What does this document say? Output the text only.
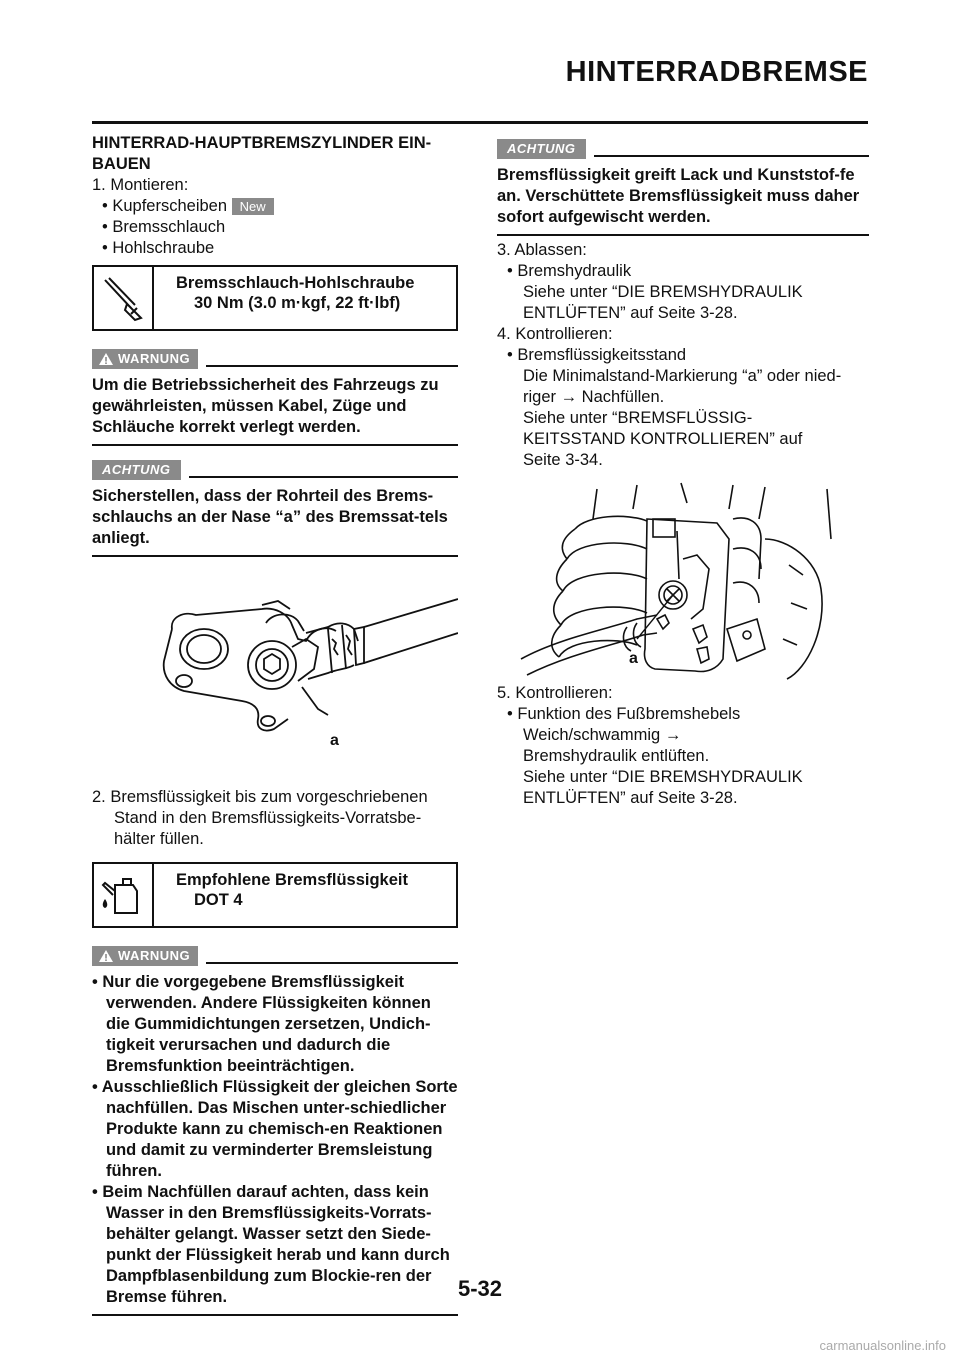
HINTERRADBREMSE

HINTERRAD-HAUPTBREMSZYLINDER EIN-BAUEN

1. Montieren:

• Kupferscheiben New

• Bremsschlauch

• Hohlschraube

Bremsschlauch-Hohlschraube
30 Nm (3.0 m·kgf, 22 ft·lbf)
WARNUNG

Um die Betriebssicherheit des Fahrzeugs zu gewährleisten, müssen Kabel, Züge und Schläuche korrekt verlegt werden.

ACHTUNG

Sicherstellen, dass der Rohrteil des Brems-schlauchs an der Nase “a” des Bremssat-tels anliegt.

a

2. Bremsflüssigkeit bis zum vorgeschriebenen Stand in den Bremsflüssigkeits-Vorratsbe-hälter füllen.

Empfohlene Bremsflüssigkeit
DOT 4
WARNUNG

• Nur die vorgegebene Bremsflüssigkeit verwenden. Andere Flüssigkeiten können die Gummidichtungen zersetzen, Undich-tigkeit verursachen und dadurch die Bremsfunktion beeinträchtigen.

• Ausschließlich Flüssigkeit der gleichen Sorte nachfüllen. Das Mischen unter-schiedlicher Produkte kann zu chemisch-en Reaktionen und damit zu verminderter Bremsleistung führen.

• Beim Nachfüllen darauf achten, dass kein Wasser in den Bremsflüssigkeits-Vorrats-behälter gelangt. Wasser setzt den Siede-punkt der Flüssigkeit herab und kann durch Dampfblasenbildung zum Blockie-ren der Bremse führen.

ACHTUNG

Bremsflüssigkeit greift Lack und Kunststof-fe an. Verschüttete Bremsflüssigkeit muss daher sofort aufgewischt werden.

3. Ablassen:

• Bremshydraulik

Siehe unter “DIE BREMSHYDRAULIK ENTLÜFTEN” auf Seite 3-28.

4. Kontrollieren:

• Bremsflüssigkeitsstand

Die Minimalstand-Markierung “a” oder nied-riger → Nachfüllen.

Siehe unter “BREMSFLÜSSIG-KEITSSTAND KONTROLLIEREN” auf Seite 3-34.

a

5. Kontrollieren:

• Funktion des Fußbremshebels

Weich/schwammig → Bremshydraulik entlüften.

Siehe unter “DIE BREMSHYDRAULIK ENTLÜFTEN” auf Seite 3-28.

5-32
carmanualsonline.info
